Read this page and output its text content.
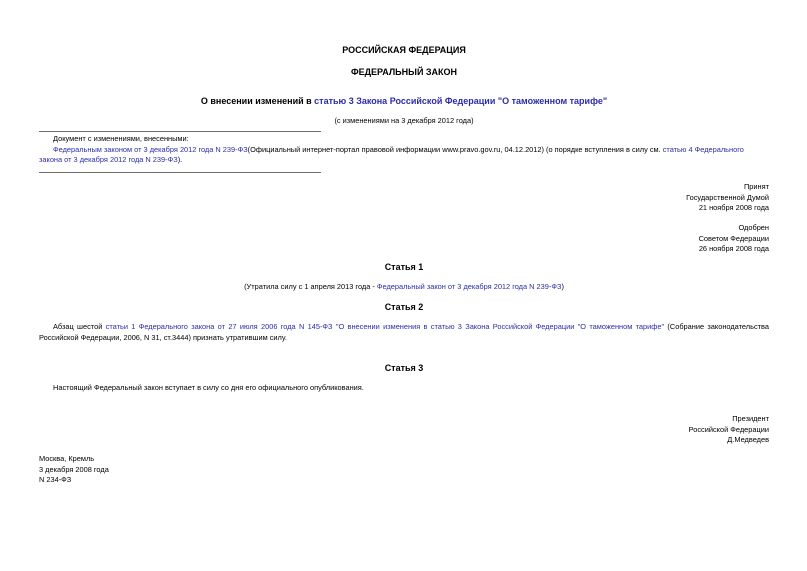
РОССИЙСКАЯ ФЕДЕРАЦИЯ
ФЕДЕРАЛЬНЫЙ ЗАКОН
О внесении изменений в статью 3 Закона Российской Федерации "О таможенном тарифе"
(с изменениями на 3 декабря 2012 года)
Документ с изменениями, внесенными:
Федеральным законом от 3 декабря 2012 года N 239-ФЗ(Официальный интернет-портал правовой информации www.pravo.gov.ru, 04.12.2012) (о порядке вступления в силу см. статью 4 Федерального закона от 3 декабря 2012 года N 239-ФЗ).
Принят
Государственной Думой
21 ноября 2008 года
Одобрен
Советом Федерации
26 ноября 2008 года
Статья 1
(Утратила силу с 1 апреля 2013 года - Федеральный закон от 3 декабря 2012 года N 239-ФЗ)
Статья 2
Абзац шестой статьи 1 Федерального закона от 27 июля 2006 года N 145-ФЗ "О внесении изменения в статью 3 Закона Российской Федерации "О таможенном тарифе" (Собрание законодательства Российской Федерации, 2006, N 31, ст.3444) признать утратившим силу.
Статья 3
Настоящий Федеральный закон вступает в силу со дня его официального опубликования.
Президент
Российской Федерации
Д.Медведев
Москва, Кремль
3 декабря 2008 года
N 234-ФЗ
